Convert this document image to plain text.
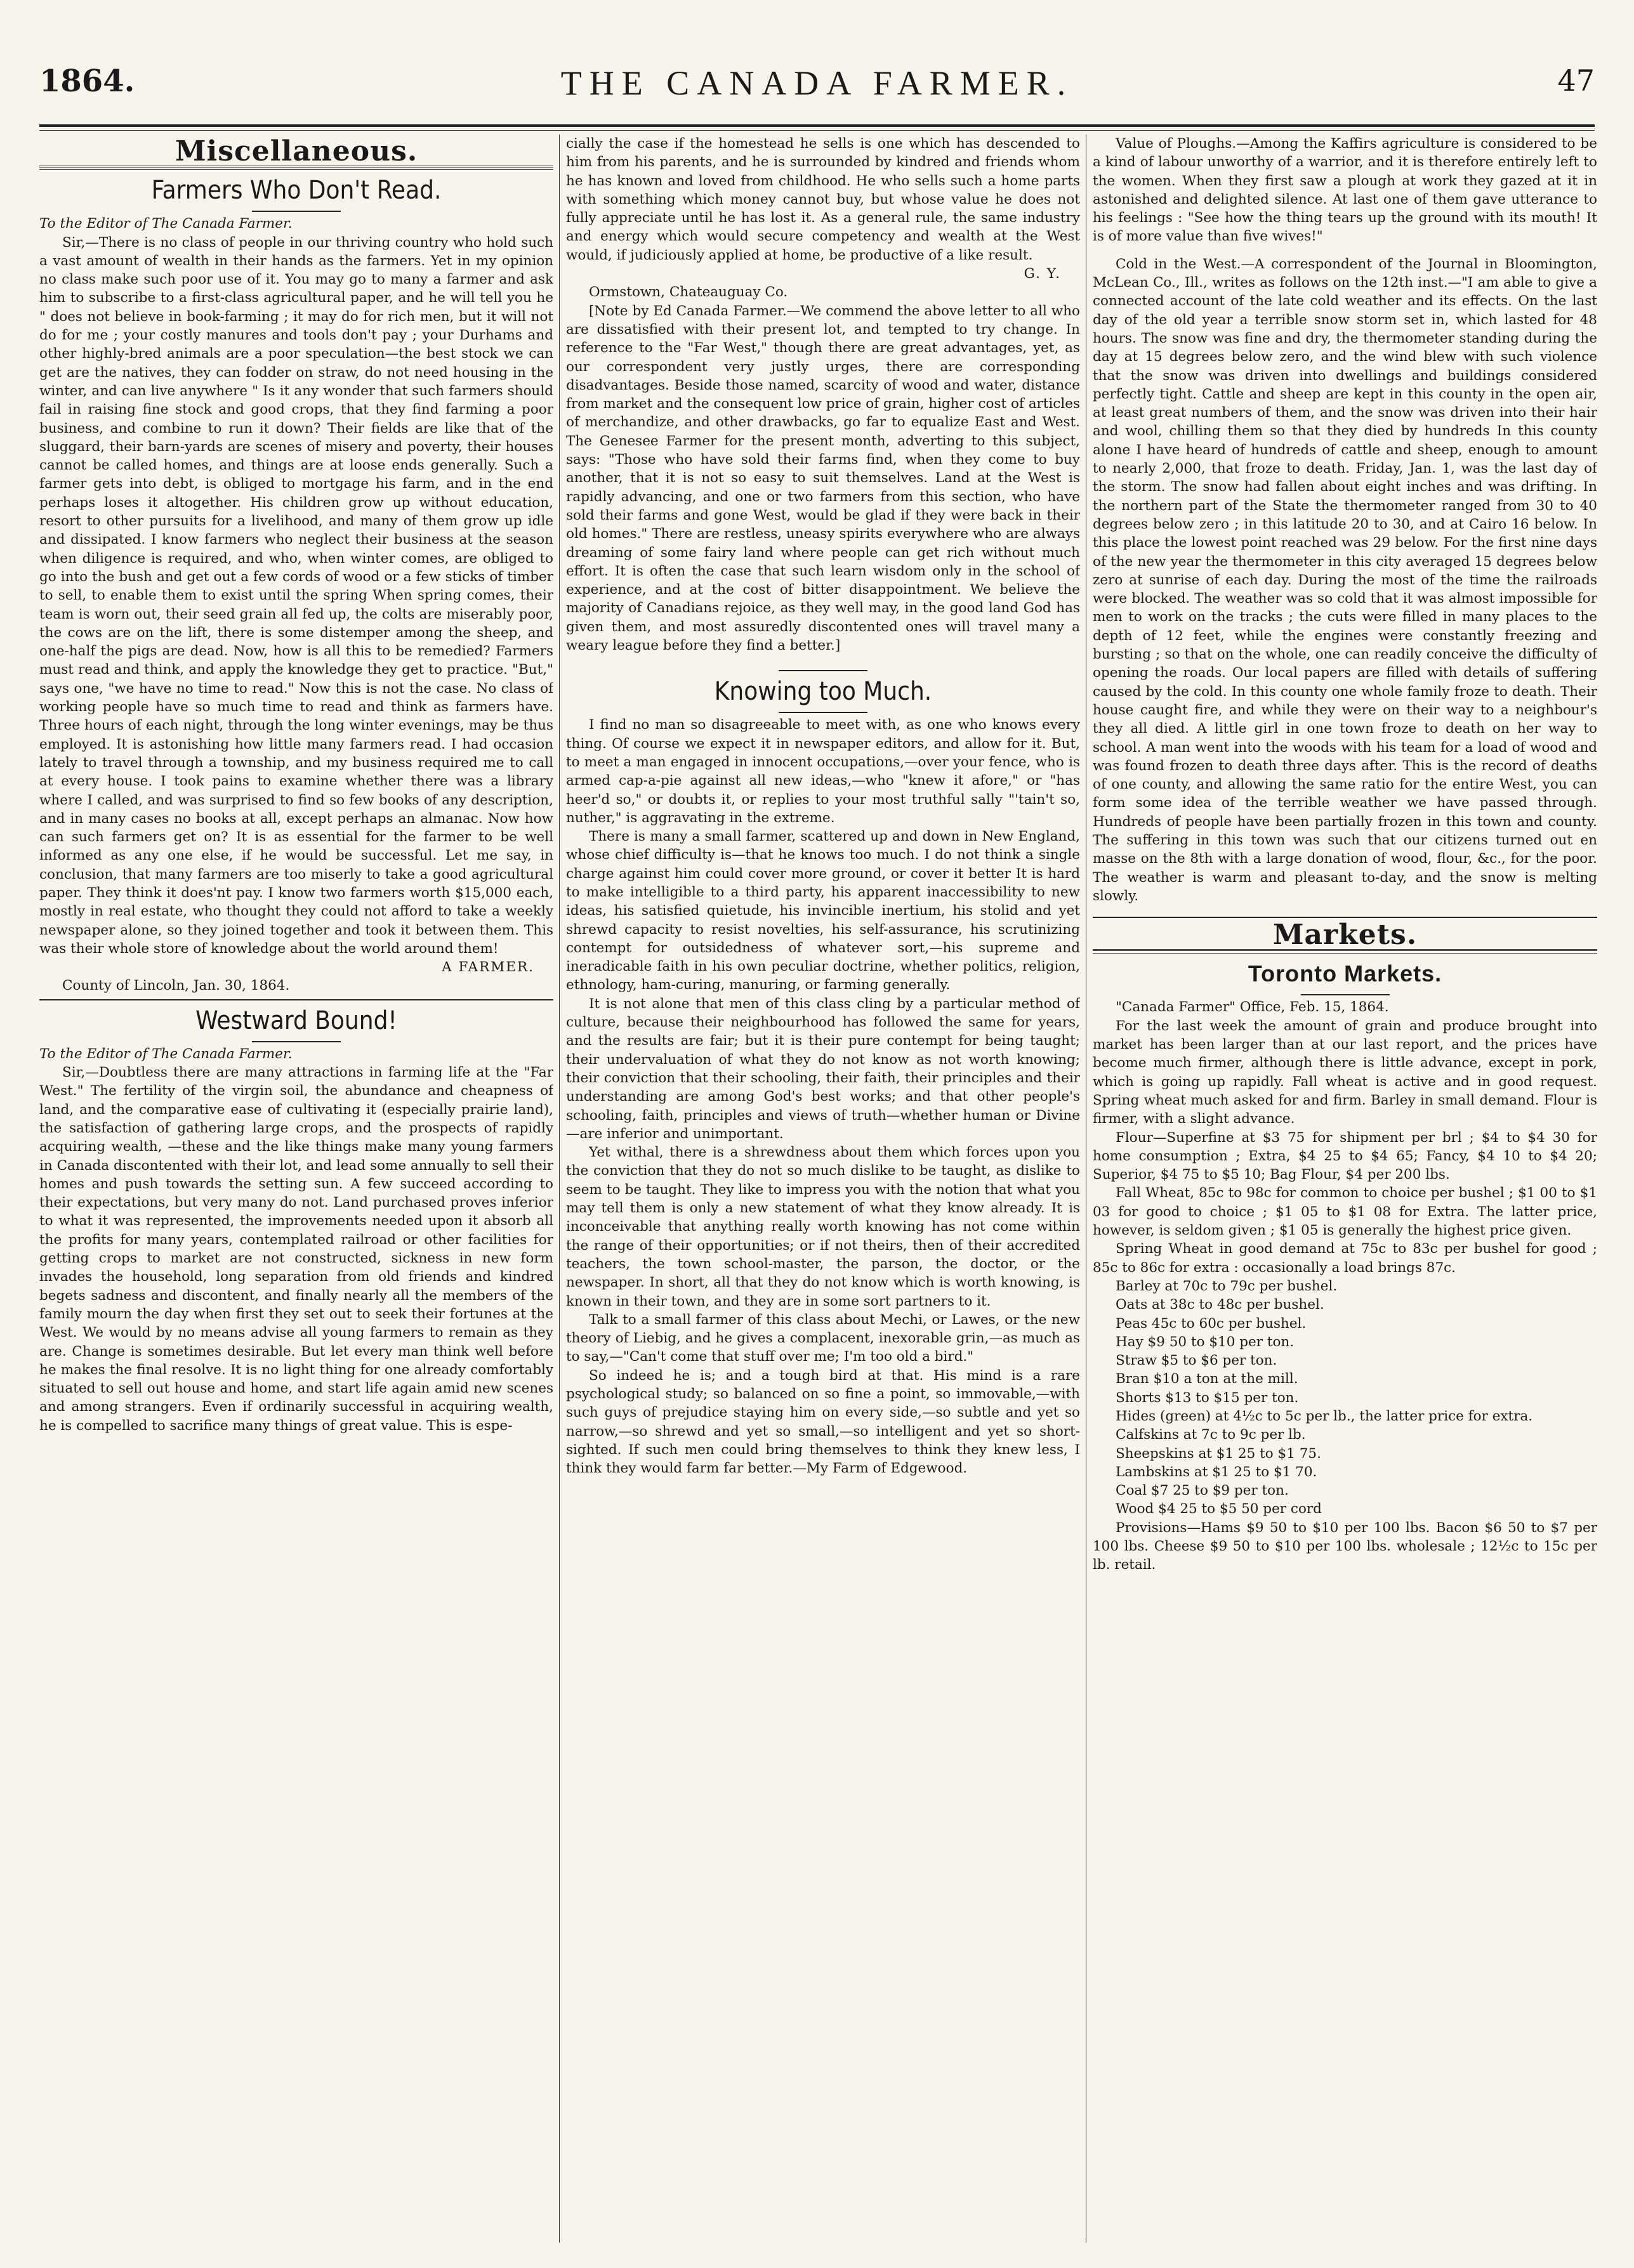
1864.	THE CANADA FARMER.	47
Miscellaneous.
Farmers Who Don't Read.

To the Editor of The Canada Farmer.

Sir,—There is no class of people in our thriving country who hold such a vast amount of wealth in their hands as the farmers. Yet in my opinion no class make such poor use of it. You may go to many a farmer and ask him to subscribe to a first-class agricultural paper, and he will tell you he " does not believe in book-farming ; it may do for rich men, but it will not do for me ; your costly manures and tools don't pay ; your Durhams and other highly-bred animals are a poor speculation—the best stock we can get are the natives, they can fodder on straw, do not need housing in the winter, and can live anywhere " Is it any wonder that such farmers should fail in raising fine stock and good crops, that they find farming a poor business, and combine to run it down? Their fields are like that of the sluggard, their barn-yards are scenes of misery and poverty, their houses cannot be called homes, and things are at loose ends generally. Such a farmer gets into debt, is obliged to mortgage his farm, and in the end perhaps loses it altogether. His children grow up without education, resort to other pursuits for a livelihood, and many of them grow up idle and dissipated. I know farmers who neglect their business at the season when diligence is required, and who, when winter comes, are obliged to go into the bush and get out a few cords of wood or a few sticks of timber to sell, to enable them to exist until the spring When spring comes, their team is worn out, their seed grain all fed up, the colts are miserably poor, the cows are on the lift, there is some distemper among the sheep, and one-half the pigs are dead. Now, how is all this to be remedied? Farmers must read and think, and apply the knowledge they get to practice. "But," says one, "we have no time to read." Now this is not the case. No class of working people have so much time to read and think as farmers have. Three hours of each night, through the long winter evenings, may be thus employed. It is astonishing how little many farmers read. I had occasion lately to travel through a township, and my business required me to call at every house. I took pains to examine whether there was a library where I called, and was surprised to find so few books of any description, and in many cases no books at all, except perhaps an almanac. Now how can such farmers get on? It is as essential for the farmer to be well informed as any one else, if he would be successful. Let me say, in conclusion, that many farmers are too miserly to take a good agricultural paper. They think it does'nt pay. I know two farmers worth $15,000 each, mostly in real estate, who thought they could not afford to take a weekly newspaper alone, so they joined together and took it between them. This was their whole store of knowledge about the world around them!

A FARMER.

County of Lincoln, Jan. 30, 1864.

Westward Bound!

To the Editor of The Canada Farmer.

Sir,—Doubtless there are many attractions in farming life at the "Far West." The fertility of the virgin soil, the abundance and cheapness of land, and the comparative ease of cultivating it (especially prairie land), the satisfaction of gathering large crops, and the prospects of rapidly acquiring wealth, —these and the like things make many young farmers in Canada discontented with their lot, and lead some annually to sell their homes and push towards the setting sun. A few succeed according to their expectations, but very many do not. Land purchased proves inferior to what it was represented, the improvements needed upon it absorb all the profits for many years, contemplated railroad or other facilities for getting crops to market are not constructed, sickness in new form invades the household, long separation from old friends and kindred begets sadness and discontent, and finally nearly all the members of the family mourn the day when first they set out to seek their fortunes at the West. We would by no means advise all young farmers to remain as they are. Change is sometimes desirable. But let every man think well before he makes the final resolve. It is no light thing for one already comfortably situated to sell out house and home, and start life again amid new scenes and among strangers. Even if ordinarily successful in acquiring wealth, he is compelled to sacrifice many things of great value. This is espe-

cially the case if the homestead he sells is one which has descended to him from his parents, and he is surrounded by kindred and friends whom he has known and loved from childhood. He who sells such a home parts with something which money cannot buy, but whose value he does not fully appreciate until he has lost it. As a general rule, the same industry and energy which would secure competency and wealth at the West would, if judiciously applied at home, be productive of a like result.

G. Y.

Ormstown, Chateauguay Co.

[Note by Ed Canada Farmer.—We commend the above letter to all who are dissatisfied with their present lot, and tempted to try change. In reference to the "Far West," though there are great advantages, yet, as our correspondent very justly urges, there are corresponding disadvantages. Beside those named, scarcity of wood and water, distance from market and the consequent low price of grain, higher cost of articles of merchandize, and other drawbacks, go far to equalize East and West. The Genesee Farmer for the present month, adverting to this subject, says: "Those who have sold their farms find, when they come to buy another, that it is not so easy to suit themselves. Land at the West is rapidly advancing, and one or two farmers from this section, who have sold their farms and gone West, would be glad if they were back in their old homes." There are restless, uneasy spirits everywhere who are always dreaming of some fairy land where people can get rich without much effort. It is often the case that such learn wisdom only in the school of experience, and at the cost of bitter disappointment. We believe the majority of Canadians rejoice, as they well may, in the good land God has given them, and most assuredly discontented ones will travel many a weary league before they find a better.]

Knowing too Much.

I find no man so disagreeable to meet with, as one who knows every thing. Of course we expect it in newspaper editors, and allow for it. But, to meet a man engaged in innocent occupations,—over your fence, who is armed cap-a-pie against all new ideas,—who "knew it afore," or "has heer'd so," or doubts it, or replies to your most truthful sally "'tain't so, nuther," is aggravating in the extreme.

There is many a small farmer, scattered up and down in New England, whose chief difficulty is—that he knows too much. I do not think a single charge against him could cover more ground, or cover it better It is hard to make intelligible to a third party, his apparent inaccessibility to new ideas, his satisfied quietude, his invincible inertium, his stolid and yet shrewd capacity to resist novelties, his self-assurance, his scrutinizing contempt for outsidedness of whatever sort,—his supreme and ineradicable faith in his own peculiar doctrine, whether politics, religion, ethnology, ham-curing, manuring, or farming generally.

It is not alone that men of this class cling by a particular method of culture, because their neighbourhood has followed the same for years, and the results are fair; but it is their pure contempt for being taught; their undervaluation of what they do not know as not worth knowing; their conviction that their schooling, their faith, their principles and their understanding are among God's best works; and that other people's schooling, faith, principles and views of truth—whether human or Divine—are inferior and unimportant.

Yet withal, there is a shrewdness about them which forces upon you the conviction that they do not so much dislike to be taught, as dislike to seem to be taught. They like to impress you with the notion that what you may tell them is only a new statement of what they know already. It is inconceivable that anything really worth knowing has not come within the range of their opportunities; or if not theirs, then of their accredited teachers, the town school-master, the parson, the doctor, or the newspaper. In short, all that they do not know which is worth knowing, is known in their town, and they are in some sort partners to it.

Talk to a small farmer of this class about Mechi, or Lawes, or the new theory of Liebig, and he gives a complacent, inexorable grin,—as much as to say,—"Can't come that stuff over me; I'm too old a bird."

So indeed he is; and a tough bird at that. His mind is a rare psychological study; so balanced on so fine a point, so immovable,—with such guys of prejudice staying him on every side,—so subtle and yet so narrow,—so shrewd and yet so small,—so intelligent and yet so short-sighted. If such men could bring themselves to think they knew less, I think they would farm far better.—My Farm of Edgewood.

Value of Ploughs.—Among the Kaffirs agriculture is considered to be a kind of labour unworthy of a warrior, and it is therefore entirely left to the women. When they first saw a plough at work they gazed at it in astonished and delighted silence. At last one of them gave utterance to his feelings : "See how the thing tears up the ground with its mouth! It is of more value than five wives!"

Cold in the West.—A correspondent of the Journal in Bloomington, McLean Co., Ill., writes as follows on the 12th inst.—"I am able to give a connected account of the late cold weather and its effects. On the last day of the old year a terrible snow storm set in, which lasted for 48 hours. The snow was fine and dry, the thermometer standing during the day at 15 degrees below zero, and the wind blew with such violence that the snow was driven into dwellings and buildings considered perfectly tight. Cattle and sheep are kept in this county in the open air, at least great numbers of them, and the snow was driven into their hair and wool, chilling them so that they died by hundreds In this county alone I have heard of hundreds of cattle and sheep, enough to amount to nearly 2,000, that froze to death. Friday, Jan. 1, was the last day of the storm. The snow had fallen about eight inches and was drifting. In the northern part of the State the thermometer ranged from 30 to 40 degrees below zero ; in this latitude 20 to 30, and at Cairo 16 below. In this place the lowest point reached was 29 below. For the first nine days of the new year the thermometer in this city averaged 15 degrees below zero at sunrise of each day. During the most of the time the railroads were blocked. The weather was so cold that it was almost impossible for men to work on the tracks ; the cuts were filled in many places to the depth of 12 feet, while the engines were constantly freezing and bursting ; so that on the whole, one can readily conceive the difficulty of opening the roads. Our local papers are filled with details of suffering caused by the cold. In this county one whole family froze to death. Their house caught fire, and while they were on their way to a neighbour's they all died. A little girl in one town froze to death on her way to school. A man went into the woods with his team for a load of wood and was found frozen to death three days after. This is the record of deaths of one county, and allowing the same ratio for the entire West, you can form some idea of the terrible weather we have passed through. Hundreds of people have been partially frozen in this town and county. The suffering in this town was such that our citizens turned out en masse on the 8th with a large donation of wood, flour, &c., for the poor. The weather is warm and pleasant to-day, and the snow is melting slowly.

Markets.
Toronto Markets.

"Canada Farmer" Office, Feb. 15, 1864.

For the last week the amount of grain and produce brought into market has been larger than at our last report, and the prices have become much firmer, although there is little advance, except in pork, which is going up rapidly. Fall wheat is active and in good request. Spring wheat much asked for and firm. Barley in small demand. Flour is firmer, with a slight advance.

Flour—Superfine at $3 75 for shipment per brl ; $4 to $4 30 for home consumption ; Extra, $4 25 to $4 65; Fancy, $4 10 to $4 20; Superior, $4 75 to $5 10; Bag Flour, $4 per 200 lbs.

Fall Wheat, 85c to 98c for common to choice per bushel ; $1 00 to $1 03 for good to choice ; $1 05 to $1 08 for Extra. The latter price, however, is seldom given ; $1 05 is generally the highest price given.

Spring Wheat in good demand at 75c to 83c per bushel for good ; 85c to 86c for extra : occasionally a load brings 87c.

Barley at 70c to 79c per bushel.

Oats at 38c to 48c per bushel.

Peas 45c to 60c per bushel.

Hay $9 50 to $10 per ton.

Straw $5 to $6 per ton.

Bran $10 a ton at the mill.

Shorts $13 to $15 per ton.

Hides (green) at 4½c to 5c per lb., the latter price for extra.

Calfskins at 7c to 9c per lb.

Sheepskins at $1 25 to $1 75.

Lambskins at $1 25 to $1 70.

Coal $7 25 to $9 per ton.

Wood $4 25 to $5 50 per cord

Provisions—Hams $9 50 to $10 per 100 lbs. Bacon $6 50 to $7 per 100 lbs. Cheese $9 50 to $10 per 100 lbs. wholesale ; 12½c to 15c per lb. retail.
